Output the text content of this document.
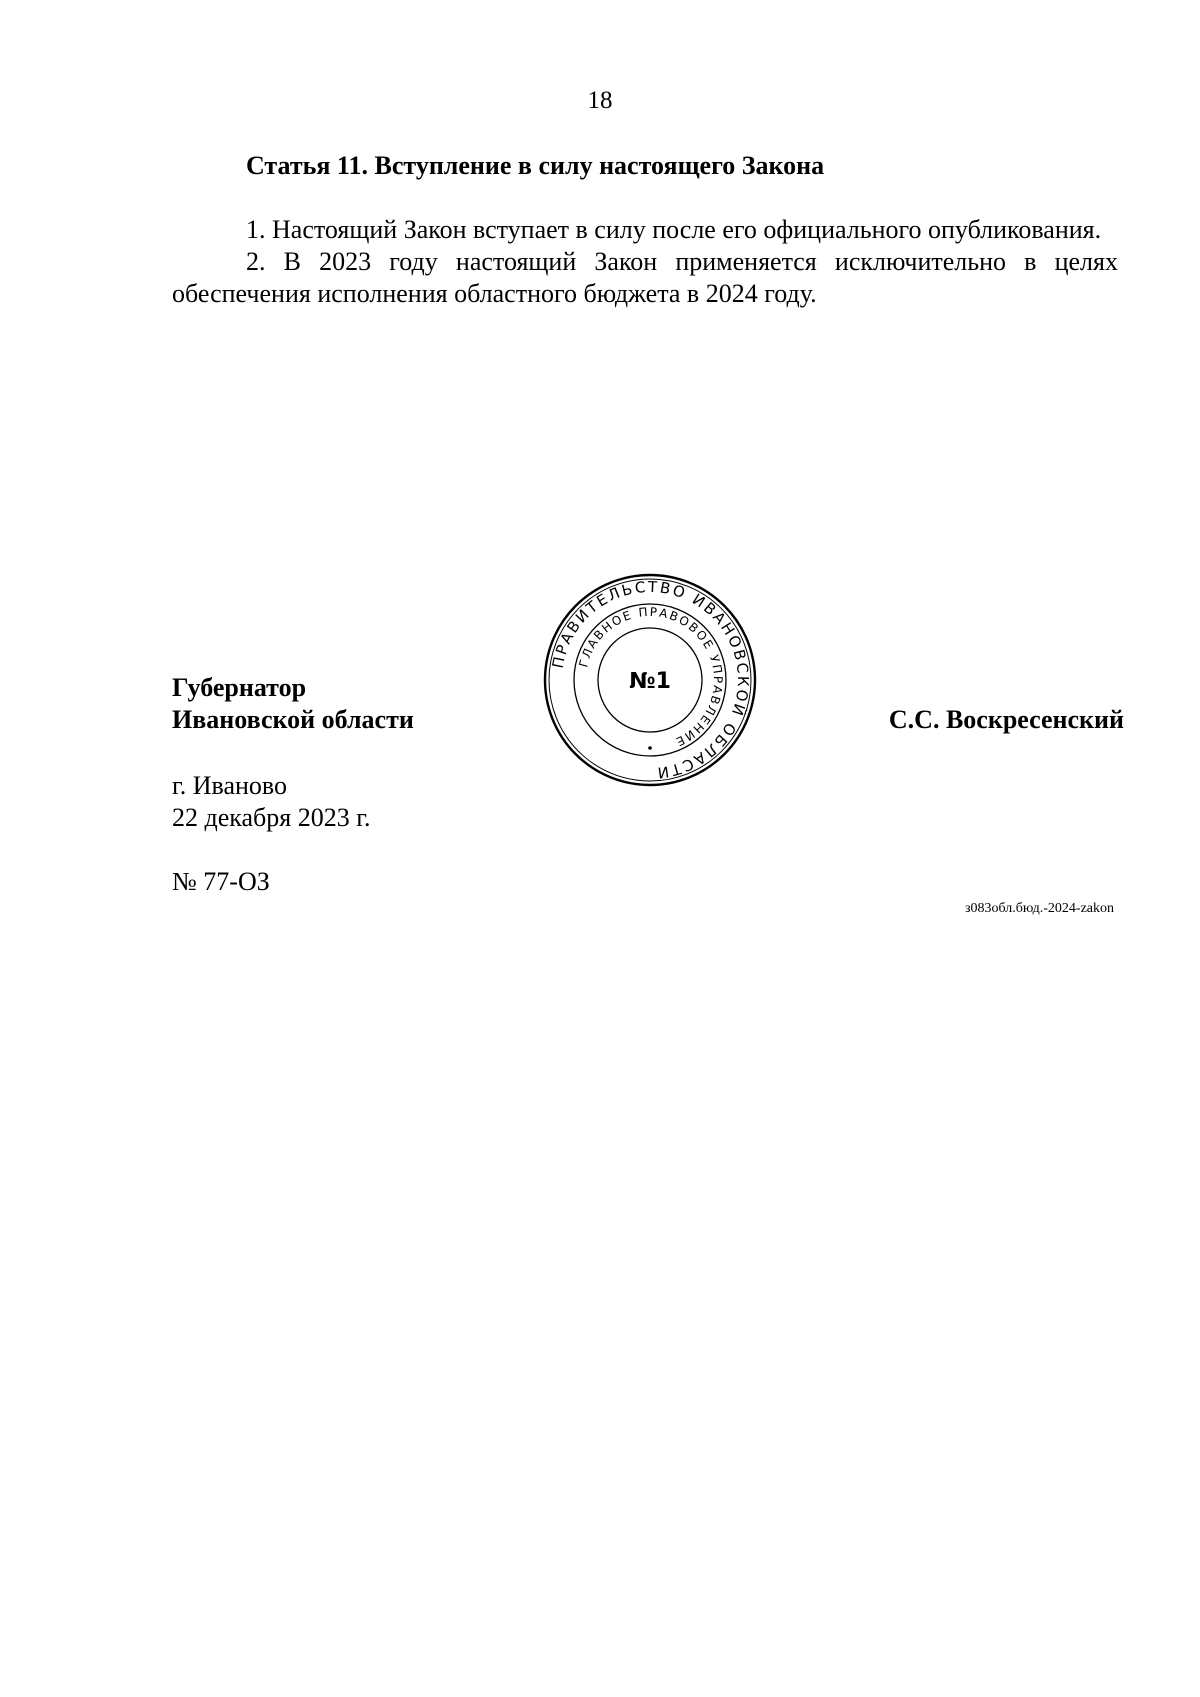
18
Статья 11. Вступление в силу настоящего Закона

1. Настоящий Закон вступает в силу после его официального опубликования.

2. В 2023 году настоящий Закон применяется исключительно в целях обеспечения исполнения областного бюджета в 2024 году.

ПРАВИТЕЛЬСТВО ИВАНОВСКОЙ ОБЛАСТИ
ГЛАВНОЕ ПРАВОВОЕ УПРАВЛЕНИЕ
№1
Губернатор
Ивановской области	С.С. Воскресенский
г. Иваново
22 декабря 2023 г.
№ 77-ОЗ
з083обл.бюд.-2024-zakon
